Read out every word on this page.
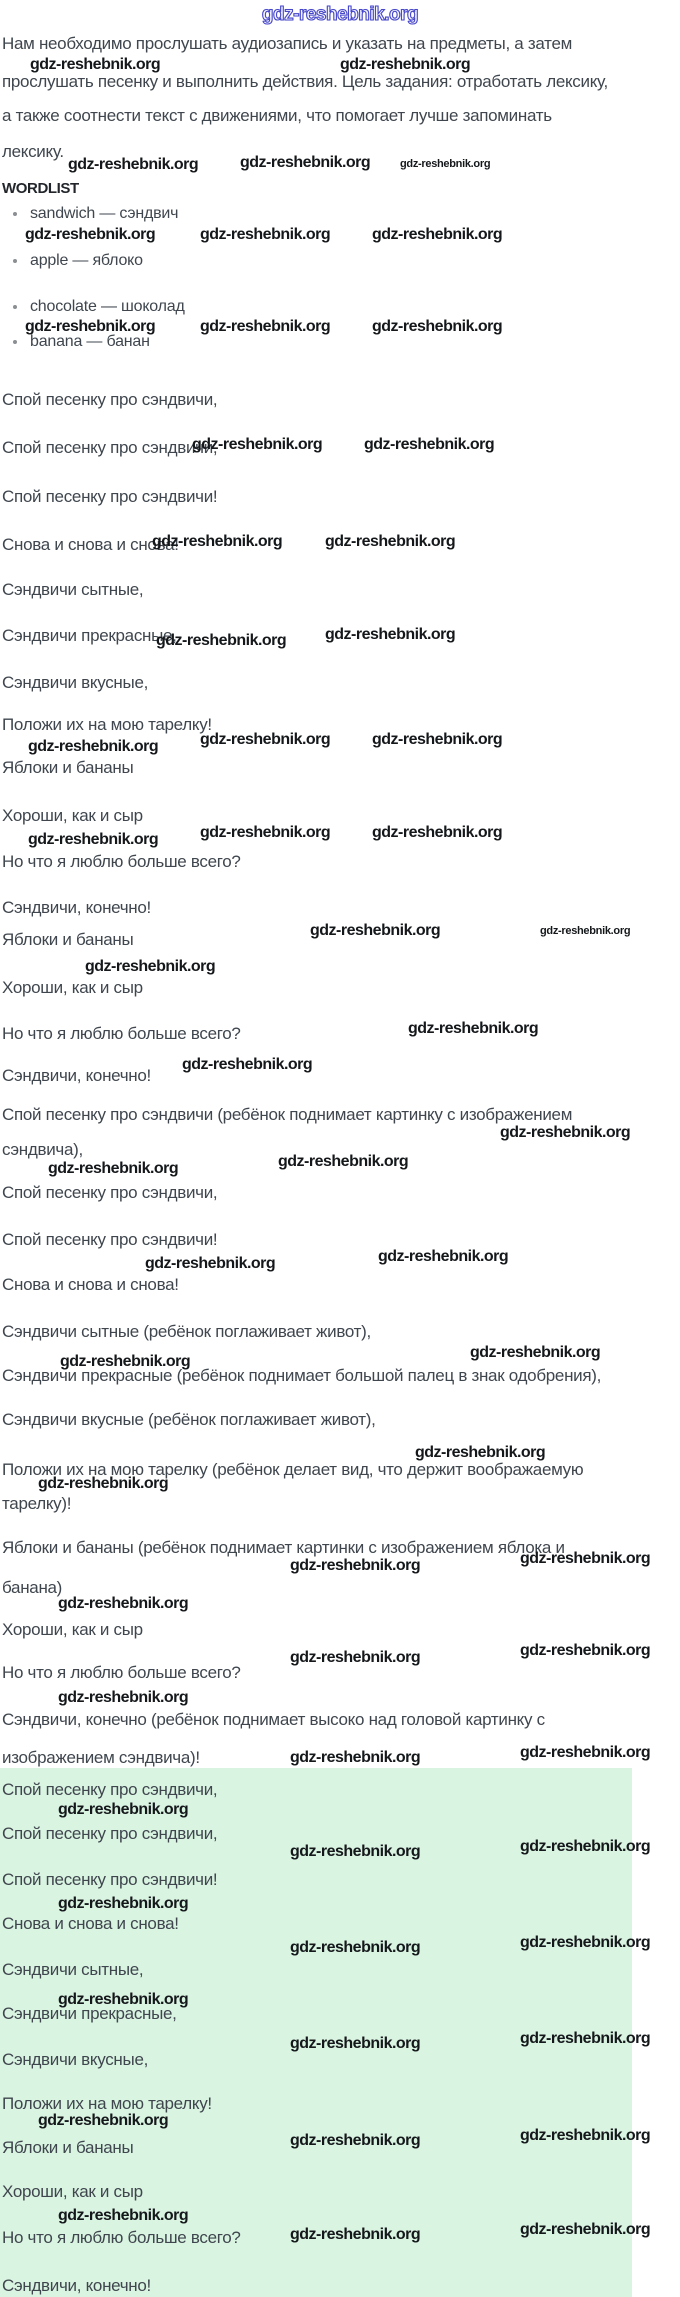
gdz-reshebnik.org
Нам необходимо прослушать аудиозапись и указать на предметы, а затем
gdz-reshebnik.org	gdz-reshebnik.org
прослушать песенку и выполнить действия. Цель задания: отработать лексику,
а также соотнести текст с движениями, что помогает лучше запоминать
лексику.
gdz-reshebnik.org	gdz-reshebnik.org	gdz-reshebnik.org
WORDLIST
sandwich — сэндвич
gdz-reshebnik.org	gdz-reshebnik.org	gdz-reshebnik.org
apple — яблоко
chocolate — шоколад
gdz-reshebnik.org	gdz-reshebnik.org	gdz-reshebnik.org
banana — банан
Спой песенку про сэндвичи,
Спой песенку про сэндвичи,
gdz-reshebnik.org	gdz-reshebnik.org
Спой песенку про сэндвичи!
Снова и снова и снова!
gdz-reshebnik.org	gdz-reshebnik.org
Сэндвичи сытные,
Сэндвичи прекрасные,
gdz-reshebnik.org gdz-reshebnik.org
Сэндвичи вкусные,
Положи их на мою тарелку!
gdz-reshebnik.org	gdz-reshebnik.org	gdz-reshebnik.org
Яблоки и бананы
Хороши, как и сыр
gdz-reshebnik.org	gdz-reshebnik.org	gdz-reshebnik.org
Но что я люблю больше всего?
Сэндвичи, конечно!
gdz-reshebnik.org	gdz-reshebnik.org
Яблоки и бананы
gdz-reshebnik.org
Хороши, как и сыр
gdz-reshebnik.org
Но что я люблю больше всего?
gdz-reshebnik.org
Сэндвичи, конечно!
Спой песенку про сэндвичи (ребёнок поднимает картинку с изображением
gdz-reshebnik.org
сэндвича),
gdz-reshebnik.org	gdz-reshebnik.org
Спой песенку про сэндвичи,
Спой песенку про сэндвичи!
gdz-reshebnik.org	gdz-reshebnik.org
Снова и снова и снова!
Сэндвичи сытные (ребёнок поглаживает живот),
gdz-reshebnik.org
gdz-reshebnik.org
Сэндвичи прекрасные (ребёнок поднимает большой палец в знак одобрения),
Сэндвичи вкусные (ребёнок поглаживает живот),
gdz-reshebnik.org
Положи их на мою тарелку (ребёнок делает вид, что держит воображаемую
gdz-reshebnik.org
тарелку)!
Яблоки и бананы (ребёнок поднимает картинки с изображением яблока и
gdz-reshebnik.org	gdz-reshebnik.org
банана)
gdz-reshebnik.org
Хороши, как и сыр
gdz-reshebnik.org	gdz-reshebnik.org
Но что я люблю больше всего?
gdz-reshebnik.org
Сэндвичи, конечно (ребёнок поднимает высоко над головой картинку с
изображением сэндвича)!	gdz-reshebnik.org	gdz-reshebnik.org
Спой песенку про сэндвичи,
gdz-reshebnik.org
Спой песенку про сэндвичи,
gdz-reshebnik.org	gdz-reshebnik.org
Спой песенку про сэндвичи!
gdz-reshebnik.org
Снова и снова и снова!
gdz-reshebnik.org	gdz-reshebnik.org
Сэндвичи сытные,
gdz-reshebnik.org
Сэндвичи прекрасные,
gdz-reshebnik.org	gdz-reshebnik.org
Сэндвичи вкусные,
Положи их на мою тарелку!
gdz-reshebnik.org
Яблоки и бананы	gdz-reshebnik.org	gdz-reshebnik.org
Хороши, как и сыр
gdz-reshebnik.org
Но что я люблю больше всего?	gdz-reshebnik.org	gdz-reshebnik.org
Сэндвичи, конечно!
